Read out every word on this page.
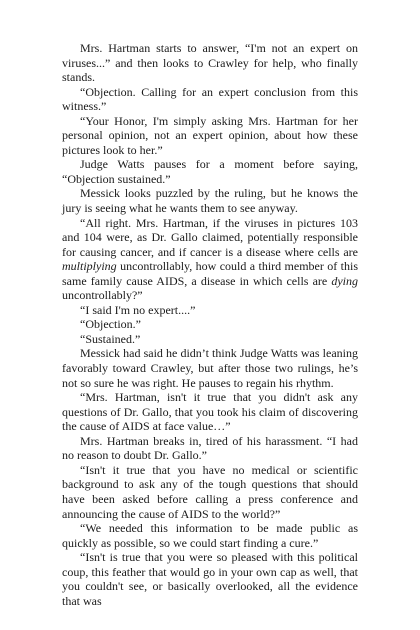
Mrs. Hartman starts to answer, “I'm not an expert on viruses...” and then looks to Crawley for help, who finally stands.

“Objection. Calling for an expert conclusion from this witness.”

“Your Honor, I'm simply asking Mrs. Hartman for her personal opinion, not an expert opinion, about how these pictures look to her.”

Judge Watts pauses for a moment before saying, “Objection sustained.”

Messick looks puzzled by the ruling, but he knows the jury is seeing what he wants them to see anyway.

“All right. Mrs. Hartman, if the viruses in pictures 103 and 104 were, as Dr. Gallo claimed, potentially responsible for causing cancer, and if cancer is a disease where cells are multiplying uncontrollably, how could a third member of this same family cause AIDS, a disease in which cells are dying uncontrollably?”

“I said I'm no expert....”

“Objection.”

“Sustained.”

Messick had said he didn’t think Judge Watts was leaning favorably toward Crawley, but after those two rulings, he’s not so sure he was right. He pauses to regain his rhythm.

“Mrs. Hartman, isn't it true that you didn't ask any questions of Dr. Gallo, that you took his claim of discovering the cause of AIDS at face value…”

Mrs. Hartman breaks in, tired of his harassment. “I had no reason to doubt Dr. Gallo.”

“Isn't it true that you have no medical or scientific background to ask any of the tough questions that should have been asked before calling a press conference and announcing the cause of AIDS to the world?”

“We needed this information to be made public as quickly as possible, so we could start finding a cure.”

“Isn't is true that you were so pleased with this political coup, this feather that would go in your own cap as well, that you couldn't see, or basically overlooked, all the evidence that was
